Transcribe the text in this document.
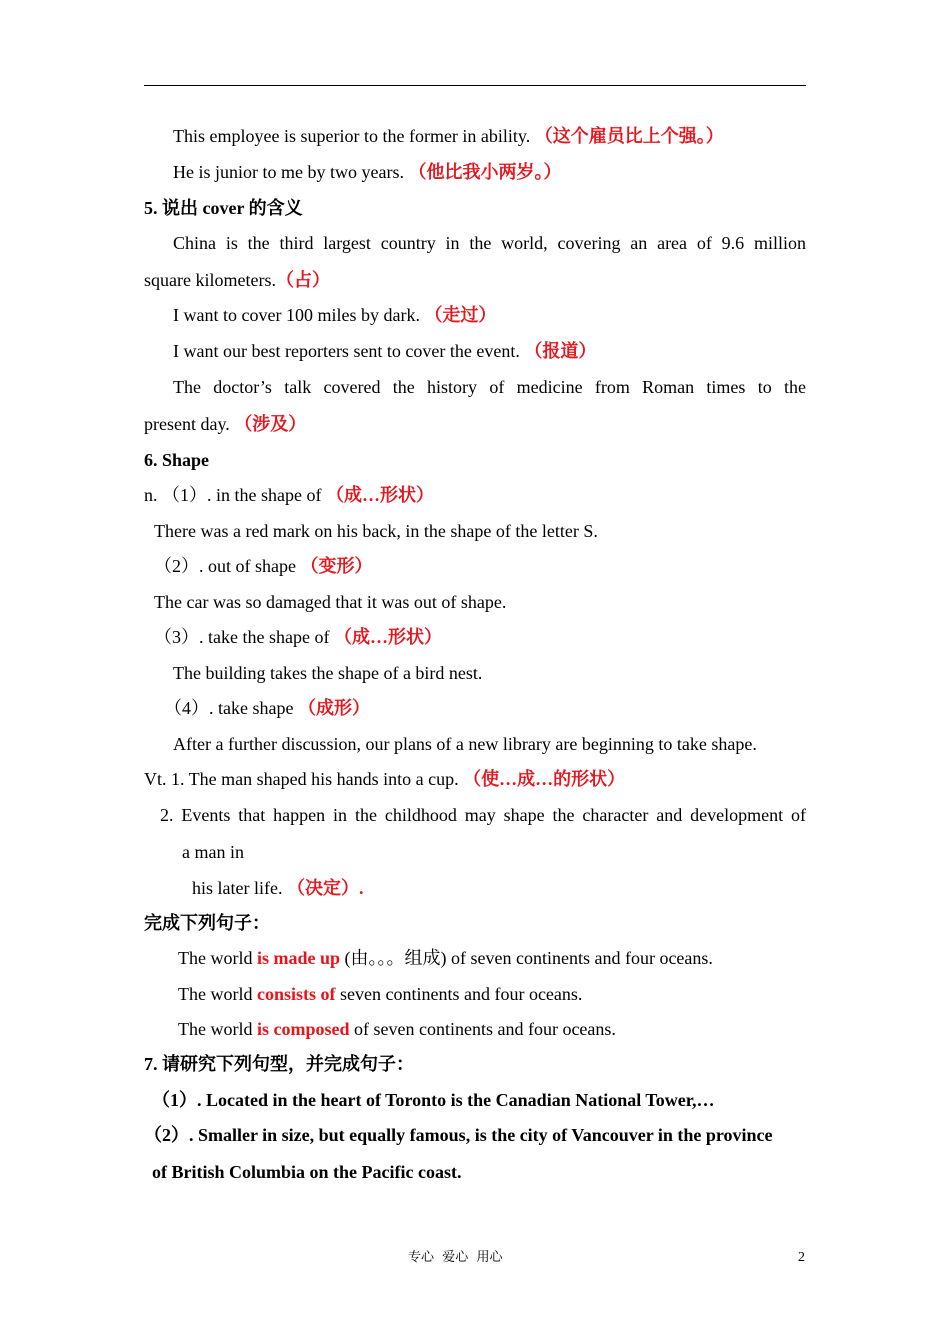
This employee is superior to the former in ability. （这个雇员比上个强。）
He is junior to me by two years. （他比我小两岁。）
5. 说出 cover 的含义
China is the third largest country in the world, covering an area of 9.6 million
square kilometers.（占）
I want to cover 100 miles by dark. （走过）
I want our best reporters sent to cover the event. （报道）
The doctor’s talk covered the history of medicine from Roman times to the
present day. （涉及）
6. Shape
n. （1）. in the shape of （成…形状）
There was a red mark on his back, in the shape of the letter S.
（2）. out of shape （变形）
The car was so damaged that it was out of shape.
（3）. take the shape of （成…形状）
The building takes the shape of a bird nest.
（4）. take shape （成形）
After a further discussion, our plans of a new library are beginning to take shape.
Vt. 1. The man shaped his hands into a cup. （使…成…的形状）
2. Events that happen in the childhood may shape the character and development of
a man in
his later life. （决定）.
完成下列句子：
The world is made up (由。。。组成) of seven continents and four oceans.
The world consists of seven continents and four oceans.
The world is composed of seven continents and four oceans.
7. 请研究下列句型，并完成句子：
（1）. Located in the heart of Toronto is the Canadian National Tower,…
（2）. Smaller in size, but equally famous, is the city of Vancouver in the province
of British Columbia on the Pacific coast.
专心  爱心  用心	2
